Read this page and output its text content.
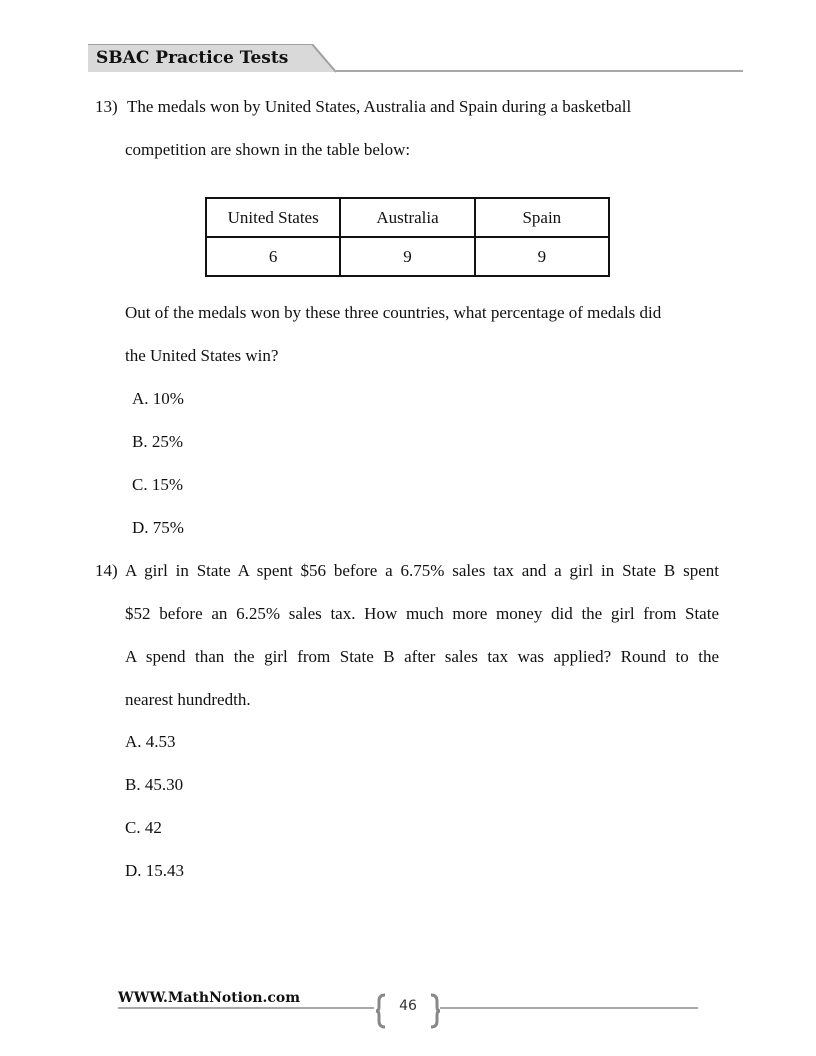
SBAC Practice Tests
13) The medals won by United States, Australia and Spain during a basketball
competition are shown in the table below:
United States	Australia	Spain
6	9	9
Out of the medals won by these three countries, what percentage of medals did
the United States win?
A. 10%
B. 25%
C. 15%
D. 75%
14) A girl in State A spent $56 before a 6.75% sales tax and a girl in State B spent
$52 before an 6.25% sales tax. How much more money did the girl from State
A spend than the girl from State B after sales tax was applied? Round to the
nearest hundredth.
A. 4.53
B. 45.30
C. 42
D. 15.43
WWW.MathNotion.com	46
